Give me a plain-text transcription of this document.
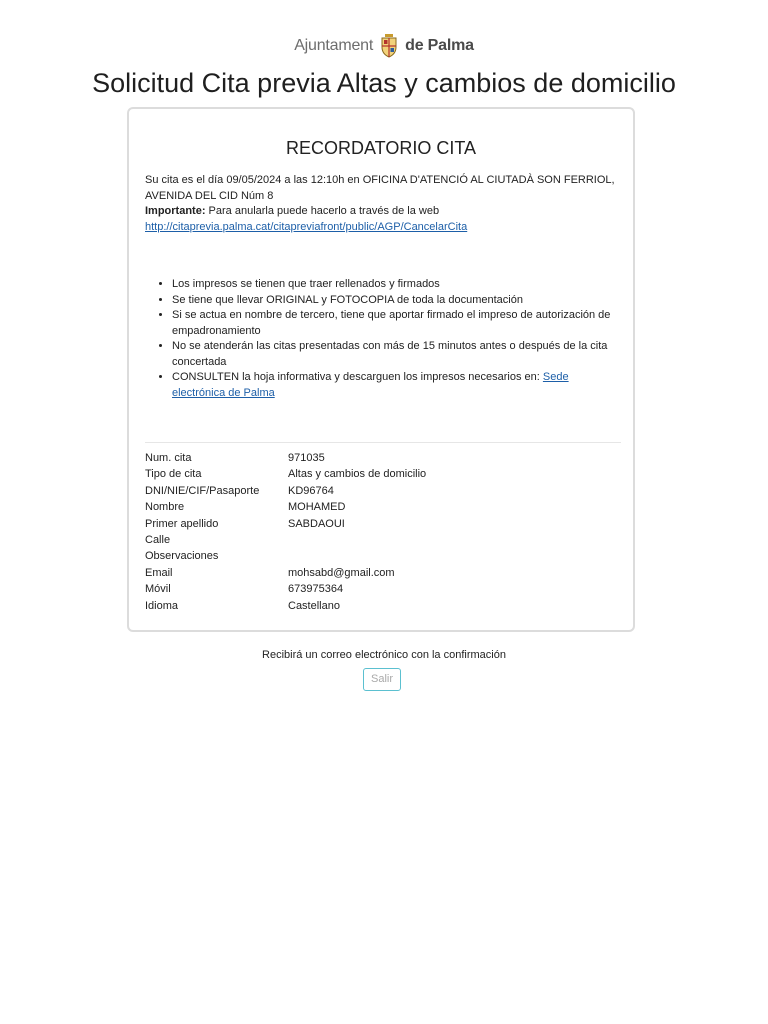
Ajuntament de Palma
Solicitud Cita previa Altas y cambios de domicilio
RECORDATORIO CITA

Su cita es el día 09/05/2024 a las 12:10h en OFICINA D'ATENCIÓ AL CIUTADÀ SON FERRIOL, AVENIDA DEL CID Núm 8

Importante: Para anularla puede hacerlo a través de la web

http://citaprevia.palma.cat/citapreviafront/public/AGP/CancelarCita

• Los impresos se tienen que traer rellenados y firmados
• Se tiene que llevar ORIGINAL y FOTOCOPIA de toda la documentación
• Si se actua en nombre de tercero, tiene que aportar firmado el impreso de autorización de empadronamiento
• No se atenderán las citas presentadas con más de 15 minutos antes o después de la cita concertada
• CONSULTEN la hoja informativa y descarguen los impresos necesarios en: Sede electrónica de Palma
Num. cita	971035
Tipo de cita	Altas y cambios de domicilio
DNI/NIE/CIF/Pasaporte	KD96764
Nombre	MOHAMED
Primer apellido	SABDAOUI
Calle
Observaciones
Email	mohsabd@gmail.com
Móvil	673975364
Idioma	Castellano
Recibirá un correo electrónico con la confirmación
Salir
